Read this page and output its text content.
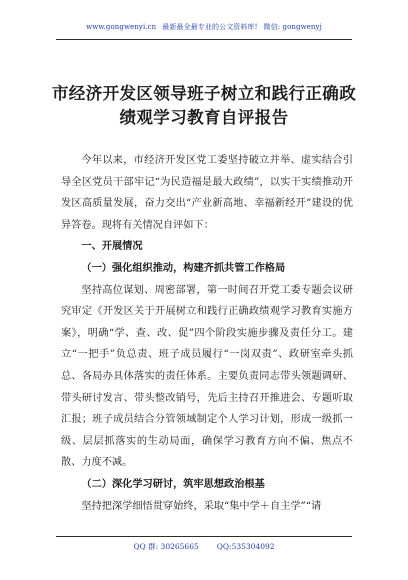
www.gongwenyi.cn 最新最全最专业的公文资料库! 微信: gongwenyj
市经济开发区领导班子树立和践行正确政
绩观学习教育自评报告

今年以来，市经济开发区党工委坚持破立并举、虚实结合引导全区党员干部牢记“为民造福是最大政绩”，以实干实绩推动开发区高质量发展，奋力交出“产业新高地、幸福新经开”建设的优异答卷。现将有关情况自评如下：

一、开展情况

（一）强化组织推动，构建齐抓共管工作格局

坚持高位谋划、周密部署，第一时间召开党工委专题会议研究审定《开发区关于开展树立和践行正确政绩观学习教育实施方案》，明确“学、查、改、促”四个阶段实施步骤及责任分工。建立“一把手”负总责、班子成员履行“一岗双责”、政研室牵头抓总、各局办具体落实的责任体系。主要负责同志带头领题调研、带头研讨发言、带头整改销号，先后主持召开推进会、专题听取汇报；班子成员结合分管领域制定个人学习计划，形成一级抓一级、层层抓落实的生动局面，确保学习教育方向不偏、焦点不散、力度不减。

（二）深化学习研讨，筑牢思想政治根基

坚持把深学细悟贯穿始终，采取“集中学＋自主学”“请

QQ 群: 30265665 QQ:535304092
